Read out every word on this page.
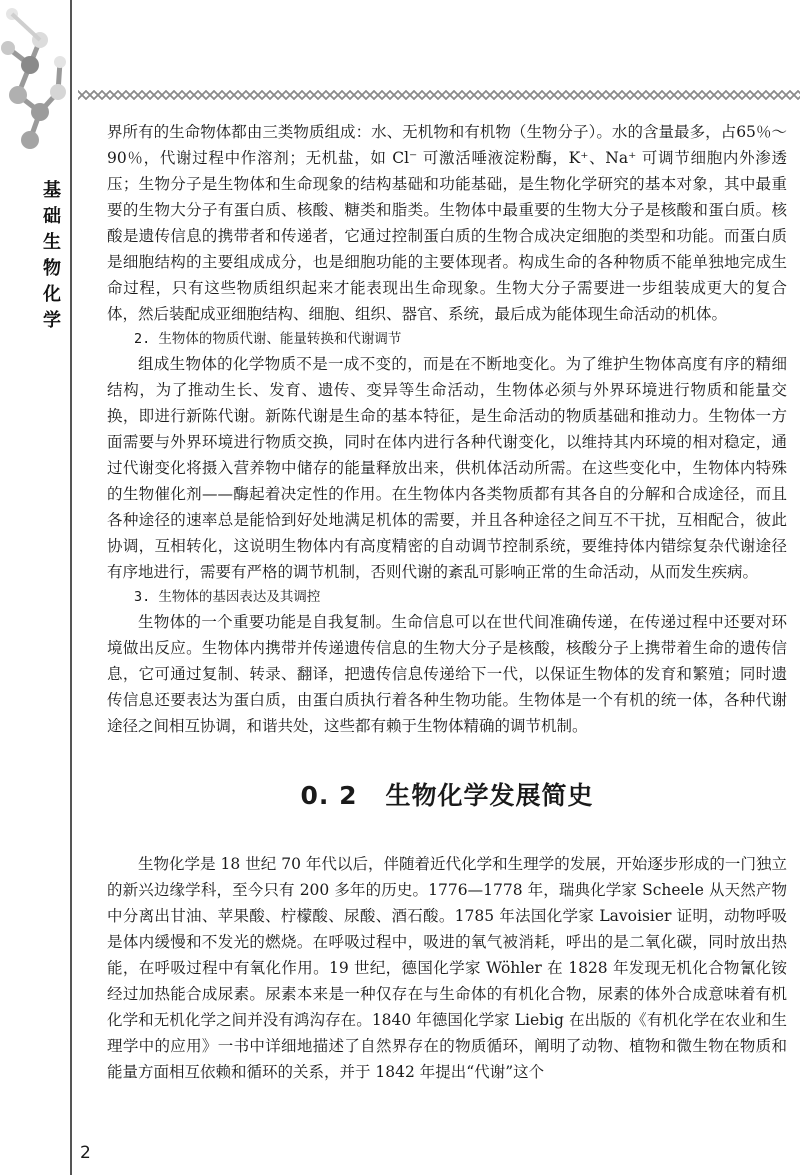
基
础
生
物
化
学

界所有的生命物体都由三类物质组成：水、无机物和有机物（生物分子）。水的含量最多，占65％～90％，代谢过程中作溶剂；无机盐，如 Cl⁻ 可激活唾液淀粉酶，K⁺、Na⁺ 可调节细胞内外渗透压；生物分子是生物体和生命现象的结构基础和功能基础，是生物化学研究的基本对象，其中最重要的生物大分子有蛋白质、核酸、糖类和脂类。生物体中最重要的生物大分子是核酸和蛋白质。核酸是遗传信息的携带者和传递者，它通过控制蛋白质的生物合成决定细胞的类型和功能。而蛋白质是细胞结构的主要组成成分，也是细胞功能的主要体现者。构成生命的各种物质不能单独地完成生命过程，只有这些物质组织起来才能表现出生命现象。生物大分子需要进一步组装成更大的复合体，然后装配成亚细胞结构、细胞、组织、器官、系统，最后成为能体现生命活动的机体。

2. 生物体的物质代谢、能量转换和代谢调节

组成生物体的化学物质不是一成不变的，而是在不断地变化。为了维护生物体高度有序的精细结构，为了推动生长、发育、遗传、变异等生命活动，生物体必须与外界环境进行物质和能量交换，即进行新陈代谢。新陈代谢是生命的基本特征，是生命活动的物质基础和推动力。生物体一方面需要与外界环境进行物质交换，同时在体内进行各种代谢变化，以维持其内环境的相对稳定，通过代谢变化将摄入营养物中储存的能量释放出来，供机体活动所需。在这些变化中，生物体内特殊的生物催化剂——酶起着决定性的作用。在生物体内各类物质都有其各自的分解和合成途径，而且各种途径的速率总是能恰到好处地满足机体的需要，并且各种途径之间互不干扰，互相配合，彼此协调，互相转化，这说明生物体内有高度精密的自动调节控制系统，要维持体内错综复杂代谢途径有序地进行，需要有严格的调节机制，否则代谢的紊乱可影响正常的生命活动，从而发生疾病。

3. 生物体的基因表达及其调控

生物体的一个重要功能是自我复制。生命信息可以在世代间准确传递，在传递过程中还要对环境做出反应。生物体内携带并传递遗传信息的生物大分子是核酸，核酸分子上携带着生命的遗传信息，它可通过复制、转录、翻译，把遗传信息传递给下一代，以保证生物体的发育和繁殖；同时遗传信息还要表达为蛋白质，由蛋白质执行着各种生物功能。生物体是一个有机的统一体，各种代谢途径之间相互协调，和谐共处，这些都有赖于生物体精确的调节机制。

0. 2 生物化学发展简史

生物化学是 18 世纪 70 年代以后，伴随着近代化学和生理学的发展，开始逐步形成的一门独立的新兴边缘学科，至今只有 200 多年的历史。1776—1778 年，瑞典化学家 Scheele 从天然产物中分离出甘油、苹果酸、柠檬酸、尿酸、酒石酸。1785 年法国化学家 Lavoisier 证明，动物呼吸是体内缓慢和不发光的燃烧。在呼吸过程中，吸进的氧气被消耗，呼出的是二氧化碳，同时放出热能，在呼吸过程中有氧化作用。19 世纪，德国化学家 Wöhler 在 1828 年发现无机化合物氰化铵经过加热能合成尿素。尿素本来是一种仅存在与生命体的有机化合物，尿素的体外合成意味着有机化学和无机化学之间并没有鸿沟存在。1840 年德国化学家 Liebig 在出版的《有机化学在农业和生理学中的应用》一书中详细地描述了自然界存在的物质循环，阐明了动物、植物和微生物在物质和能量方面相互依赖和循环的关系，并于 1842 年提出“代谢”这个

2
